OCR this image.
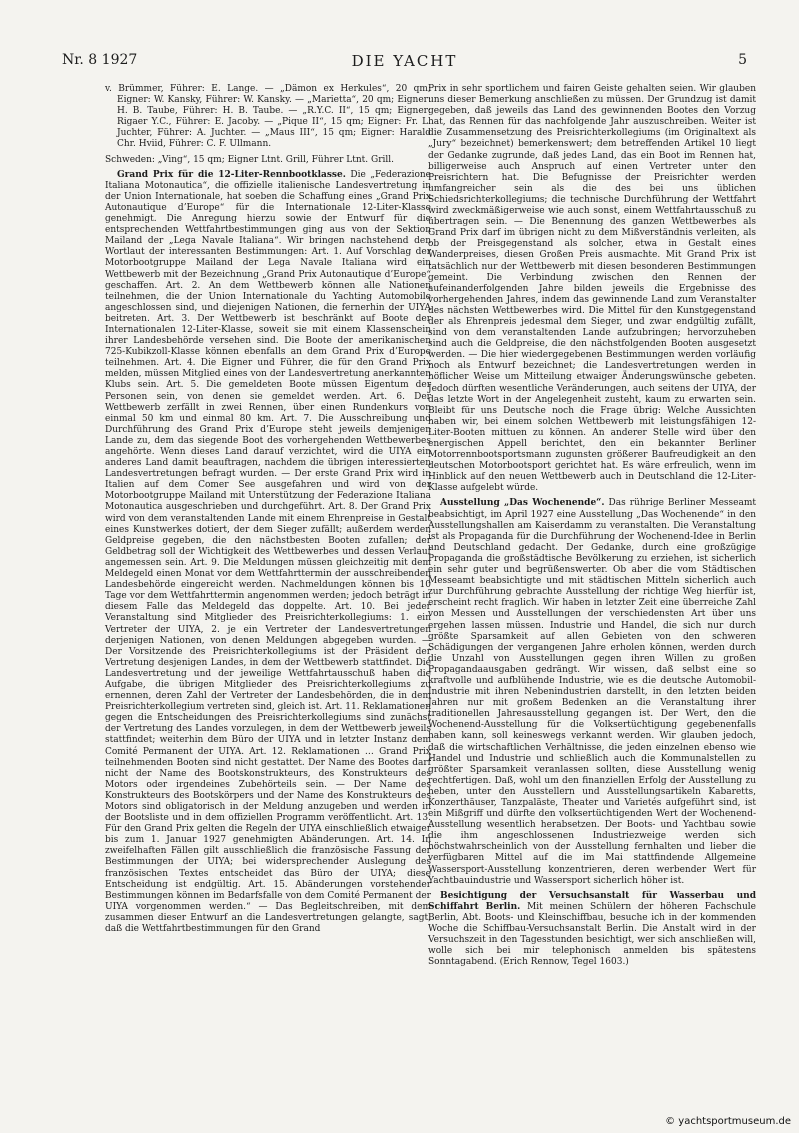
Nr. 8 1927	DIE YACHT	5

v. Brümmer, Führer: E. Lange. — „Dämon ex Herkules“, 20 qm; Eigner: W. Kansky, Führer: W. Kansky. — „Marietta“, 20 qm; Eigner: H. B. Taube, Führer: H. B. Taube. — „R.Y.C. II“, 15 qm; Eigner: Rigaer Y.C., Führer: E. Jacoby. — „Pique II“, 15 qm; Eigner: Fr. L. Juchter, Führer: A. Juchter. — „Maus III“, 15 qm; Eigner: Harald Chr. Hviid, Führer: C. F. Ullmann.

Schweden: „Ving“, 15 qm; Eigner Ltnt. Grill, Führer Ltnt. Grill.

Grand Prix für die 12-Liter-Rennbootklasse. Die „Federazione Italiana Motonautica“, die offizielle italienische Landesvertretung in der Union Internationale, hat soeben die Schaffung eines „Grand Prix Autonautique d’Europe“ für die Internationale 12-Liter-Klasse genehmigt. Die Anregung hierzu sowie der Entwurf für die entsprechenden Wettfahrtbestimmungen ging aus von der Sektion Mailand der „Lega Navale Italiana“. Wir bringen nachstehend den Wortlaut der interessanten Bestimmungen: Art. 1. Auf Vorschlag der Motorbootgruppe Mailand der Lega Navale Italiana wird ein Wettbewerb mit der Bezeichnung „Grand Prix Autonautique d’Europe“ geschaffen. Art. 2. An dem Wettbewerb können alle Nationen teilnehmen, die der Union Internationale du Yachting Automobile angeschlossen sind, und diejenigen Nationen, die fernerhin der UIYA beitreten. Art. 3. Der Wettbewerb ist beschränkt auf Boote der Internationalen 12-Liter-Klasse, soweit sie mit einem Klassenschein ihrer Landesbehörde versehen sind. Die Boote der amerikanischen 725-Kubikzoll-Klasse können ebenfalls an dem Grand Prix d’Europe teilnehmen. Art. 4. Die Eigner und Führer, die für den Grand Prix melden, müssen Mitglied eines von der Landesvertretung anerkannten Klubs sein. Art. 5. Die gemeldeten Boote müssen Eigentum der Personen sein, von denen sie gemeldet werden. Art. 6. Der Wettbewerb zerfällt in zwei Rennen, über einen Rundenkurs von einmal 50 km und einmal 80 km. Art. 7. Die Ausschreibung und Durchführung des Grand Prix d’Europe steht jeweils demjenigen Lande zu, dem das siegende Boot des vorhergehenden Wettbewerbes angehörte. Wenn dieses Land darauf verzichtet, wird die UIYA ein anderes Land damit beauftragen, nachdem die übrigen interessierten Landesvertretungen befragt wurden. — Der erste Grand Prix wird in Italien auf dem Comer See ausgefahren und wird von der Motorbootgruppe Mailand mit Unterstützung der Federazione Italiana Motonautica ausgeschrieben und durchgeführt. Art. 8. Der Grand Prix wird von dem veranstaltenden Lande mit einem Ehrenpreise in Gestalt eines Kunstwerkes dotiert, der dem Sieger zufällt; außerdem werden Geldpreise gegeben, die den nächstbesten Booten zufallen; der Geldbetrag soll der Wichtigkeit des Wettbewerbes und dessen Verlauf angemessen sein. Art. 9. Die Meldungen müssen gleichzeitig mit dem Meldegeld einen Monat vor dem Wettfahrttermin der ausschreibenden Landesbehörde eingereicht werden. Nachmeldungen können bis 10 Tage vor dem Wettfahrttermin angenommen werden; jedoch beträgt in diesem Falle das Meldegeld das doppelte. Art. 10. Bei jeder Veranstaltung sind Mitglieder des Preisrichterkollegiums: 1. ein Vertreter der UIYA, 2. je ein Vertreter der Landesvertretungen derjenigen Nationen, von denen Meldungen abgegeben wurden. — Der Vorsitzende des Preisrichterkollegiums ist der Präsident der Vertretung desjenigen Landes, in dem der Wettbewerb stattfindet. Die Landesvertretung und der jeweilige Wettfahrtausschuß haben die Aufgabe, die übrigen Mitglieder des Preisrichterkollegiums zu ernennen, deren Zahl der Vertreter der Landesbehörden, die in dem Preisrichterkollegium vertreten sind, gleich ist. Art. 11. Reklamationen gegen die Entscheidungen des Preisrichterkollegiums sind zunächst der Vertretung des Landes vorzulegen, in dem der Wettbewerb jeweils stattfindet; weiterhin dem Büro der UIYA und in letzter Instanz dem Comité Permanent der UIYA. Art. 12. Reklamationen … Grand Prix teilnehmenden Booten sind nicht gestattet. Der Name des Bootes darf nicht der Name des Bootskonstrukteurs, des Konstrukteurs des Motors oder irgendeines Zubehörteils sein. — Der Name des Konstrukteurs des Bootskörpers und der Name des Konstrukteurs des Motors sind obligatorisch in der Meldung anzugeben und werden in der Bootsliste und in dem offiziellen Programm veröffentlicht. Art. 13. Für den Grand Prix gelten die Regeln der UIYA einschließlich etwaiger bis zum 1. Januar 1927 genehmigten Abänderungen. Art. 14. In zweifelhaften Fällen gilt ausschließlich die französische Fassung der Bestimmungen der UIYA; bei widersprechender Auslegung des französischen Textes entscheidet das Büro der UIYA; diese Entscheidung ist endgültig. Art. 15. Abänderungen vorstehender Bestimmungen können im Bedarfsfalle von dem Comité Permanent der UIYA vorgenommen werden.“ — Das Begleitschreiben, mit dem zusammen dieser Entwurf an die Landesvertretungen gelangte, sagt, daß die Wettfahrtbestimmungen für den Grand

Prix in sehr sportlichem und fairen Geiste gehalten seien. Wir glauben uns dieser Bemerkung anschließen zu müssen. Der Grundzug ist damit gegeben, daß jeweils das Land des gewinnenden Bootes den Vorzug hat, das Rennen für das nachfolgende Jahr auszuschreiben. Weiter ist die Zusammensetzung des Preisrichterkollegiums (im Originaltext als „Jury“ bezeichnet) bemerkenswert; dem betreffenden Artikel 10 liegt der Gedanke zugrunde, daß jedes Land, das ein Boot im Rennen hat, billigerweise auch Anspruch auf einen Vertreter unter den Preisrichtern hat. Die Befugnisse der Preisrichter werden umfangreicher sein als die des bei uns üblichen Schiedsrichterkollegiums; die technische Durchführung der Wettfahrt wird zweckmäßigerweise wie auch sonst, einem Wettfahrtausschuß zu übertragen sein. — Die Benennung des ganzen Wettbewerbes als Grand Prix darf im übrigen nicht zu dem Mißverständnis verleiten, als ob der Preisgegenstand als solcher, etwa in Gestalt eines Wanderpreises, diesen Großen Preis ausmachte. Mit Grand Prix ist tatsächlich nur der Wettbewerb mit diesen besonderen Bestimmungen gemeint. Die Verbindung zwischen den Rennen der aufeinanderfolgenden Jahre bilden jeweils die Ergebnisse des vorhergehenden Jahres, indem das gewinnende Land zum Veranstalter des nächsten Wettbewerbes wird. Die Mittel für den Kunstgegenstand der als Ehrenpreis jedesmal dem Sieger, und zwar endgültig zufällt, sind von dem veranstaltenden Lande aufzubringen; hervorzuheben sind auch die Geldpreise, die den nächstfolgenden Booten ausgesetzt werden. — Die hier wiedergegebenen Bestimmungen werden vorläufig noch als Entwurf bezeichnet; die Landesvertretungen werden in höflicher Weise um Mitteilung etwaiger Änderungswünsche gebeten. Jedoch dürften wesentliche Veränderungen, auch seitens der UIYA, der das letzte Wort in der Angelegenheit zusteht, kaum zu erwarten sein. Bleibt für uns Deutsche noch die Frage übrig: Welche Aussichten haben wir, bei einem solchen Wettbewerb mit leistungsfähigen 12-Liter-Booten mittuen zu können. An anderer Stelle wird über den energischen Appell berichtet, den ein bekannter Berliner Motorrennbootsportsmann zugunsten größerer Baufreudigkeit an den deutschen Motorbootsport gerichtet hat. Es wäre erfreulich, wenn im Hinblick auf den neuen Wettbewerb auch in Deutschland die 12-Liter-Klasse aufgelebt würde.

Ausstellung „Das Wochenende“. Das rührige Berliner Messeamt beabsichtigt, im April 1927 eine Ausstellung „Das Wochenende“ in den Ausstellungshallen am Kaiserdamm zu veranstalten. Die Veranstaltung ist als Propaganda für die Durchführung der Wochenend-Idee in Berlin und Deutschland gedacht. Der Gedanke, durch eine großzügige Propaganda die großstädtische Bevölkerung zu erziehen, ist sicherlich ein sehr guter und begrüßenswerter. Ob aber die vom Städtischen Messeamt beabsichtigte und mit städtischen Mitteln sicherlich auch zur Durchführung gebrachte Ausstellung der richtige Weg hierfür ist, erscheint recht fraglich. Wir haben in letzter Zeit eine überreiche Zahl von Messen und Ausstellungen der verschiedensten Art über uns ergehen lassen müssen. Industrie und Handel, die sich nur durch größte Sparsamkeit auf allen Gebieten von den schweren Schädigungen der vergangenen Jahre erholen können, werden durch die Unzahl von Ausstellungen gegen ihren Willen zu großen Propagandaausgaben gedrängt. Wir wissen, daß selbst eine so kraftvolle und aufblühende Industrie, wie es die deutsche Automobil-Industrie mit ihren Nebenindustrien darstellt, in den letzten beiden Jahren nur mit großem Bedenken an die Veranstaltung ihrer traditionellen Jahresausstellung gegangen ist. Der Wert, den die Wochenend-Ausstellung für die Volksertüchtigung gegebenenfalls haben kann, soll keineswegs verkannt werden. Wir glauben jedoch, daß die wirtschaftlichen Verhältnisse, die jeden einzelnen ebenso wie Handel und Industrie und schließlich auch die Kommunalstellen zu größter Sparsamkeit veranlassen sollten, diese Ausstellung wenig rechtfertigen. Daß, wohl um den finanziellen Erfolg der Ausstellung zu heben, unter den Ausstellern und Ausstellungsartikeln Kabaretts, Konzerthäuser, Tanzpaläste, Theater und Varietés aufgeführt sind, ist ein Mißgriff und dürfte den volksertüchtigenden Wert der Wochenend-Ausstellung wesentlich herabsetzen. Der Boots- und Yachtbau sowie die ihm angeschlossenen Industriezweige werden sich höchstwahrscheinlich von der Ausstellung fernhalten und lieber die verfügbaren Mittel auf die im Mai stattfindende Allgemeine Wassersport-Ausstellung konzentrieren, deren werbender Wert für Yachtbauindustrie und Wassersport sicherlich höher ist.

Besichtigung der Versuchsanstalt für Wasserbau und Schiffahrt Berlin. Mit meinen Schülern der höheren Fachschule Berlin, Abt. Boots- und Kleinschiffbau, besuche ich in der kommenden Woche die Schiffbau-Versuchsanstalt Berlin. Die Anstalt wird in der Versuchszeit in den Tagesstunden besichtigt, wer sich anschließen will, wolle sich bei mir telephonisch anmelden bis spätestens Sonntagabend. (Erich Rennow, Tegel 1603.)

© yachtsportmuseum.de
